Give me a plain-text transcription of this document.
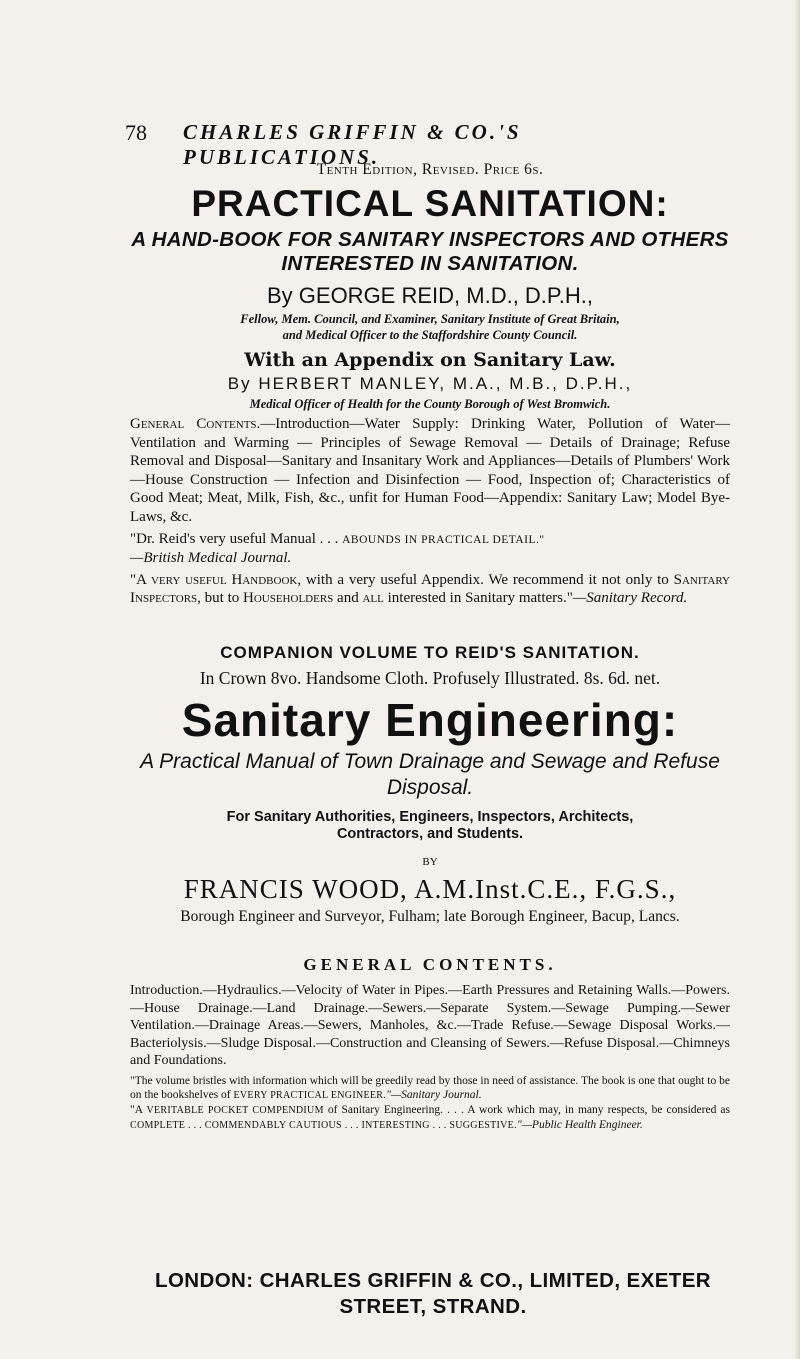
78 CHARLES GRIFFIN & CO.'S PUBLICATIONS.

Tenth Edition, Revised. Price 6s.

PRACTICAL SANITATION:

A HAND-BOOK FOR SANITARY INSPECTORS AND OTHERS
INTERESTED IN SANITATION.

By GEORGE REID, M.D., D.P.H.,

Fellow, Mem. Council, and Examiner, Sanitary Institute of Great Britain,
and Medical Officer to the Staffordshire County Council.

With an Appendix on Sanitary Law.

By HERBERT MANLEY, M.A., M.B., D.P.H.,

Medical Officer of Health for the County Borough of West Bromwich.

General Contents.—Introduction—Water Supply: Drinking Water, Pollution of Water—Ventilation and Warming — Principles of Sewage Removal — Details of Drainage; Refuse Removal and Disposal—Sanitary and Insanitary Work and Appliances—Details of Plumbers' Work—House Construction — Infection and Disinfection — Food, Inspection of; Characteristics of Good Meat; Meat, Milk, Fish, &c., unfit for Human Food—Appendix: Sanitary Law; Model Bye-Laws, &c.

"Dr. Reid's very useful Manual . . . ABOUNDS IN PRACTICAL DETAIL."
—British Medical Journal.

"A very useful Handbook, with a very useful Appendix. We recommend it not only to Sanitary Inspectors, but to Householders and all interested in Sanitary matters."—Sanitary Record.

COMPANION VOLUME TO REID'S SANITATION.

In Crown 8vo. Handsome Cloth. Profusely Illustrated. 8s. 6d. net.

Sanitary Engineering:

A Practical Manual of Town Drainage and Sewage and Refuse Disposal.

For Sanitary Authorities, Engineers, Inspectors, Architects,
Contractors, and Students.

BY

FRANCIS WOOD, A.M.Inst.C.E., F.G.S.,

Borough Engineer and Surveyor, Fulham; late Borough Engineer, Bacup, Lancs.

GENERAL CONTENTS.

Introduction.—Hydraulics.—Velocity of Water in Pipes.—Earth Pressures and Retaining Walls.—Powers.—House Drainage.—Land Drainage.—Sewers.—Separate System.—Sewage Pumping.—Sewer Ventilation.—Drainage Areas.—Sewers, Manholes, &c.—Trade Refuse.—Sewage Disposal Works.—Bacteriolysis.—Sludge Disposal.—Construction and Cleansing of Sewers.—Refuse Disposal.—Chimneys and Foundations.

"The volume bristles with information which will be greedily read by those in need of assistance. The book is one that ought to be on the bookshelves of EVERY PRACTICAL ENGINEER."—Sanitary Journal.

"A VERITABLE POCKET COMPENDIUM of Sanitary Engineering. . . . A work which may, in many respects, be considered as COMPLETE . . . COMMENDABLY CAUTIOUS . . . INTERESTING . . . SUGGESTIVE."—Public Health Engineer.

LONDON: CHARLES GRIFFIN & CO., LIMITED, EXETER STREET, STRAND.
